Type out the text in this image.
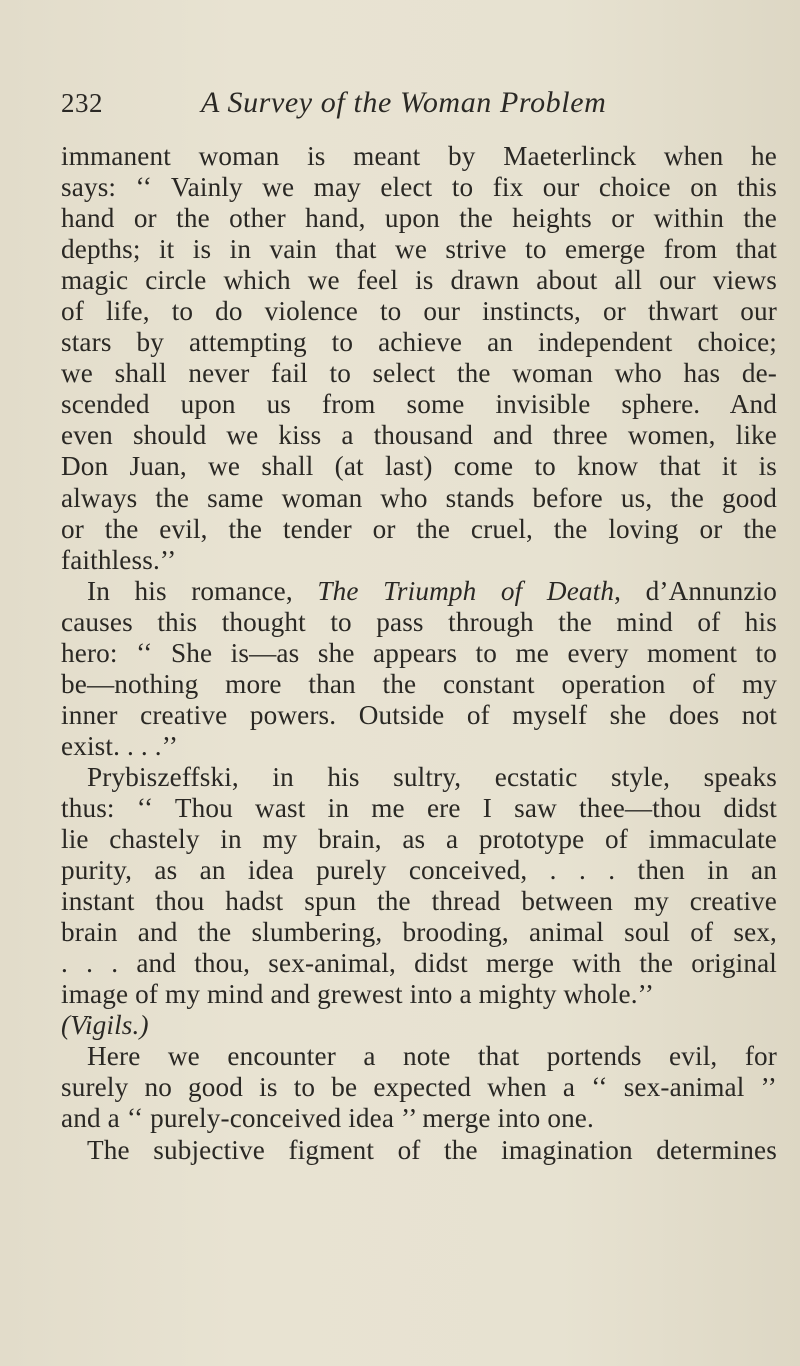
232	A Survey of the Woman Problem
immanent woman is meant by Maeterlinck when he
says: ‘‘ Vainly we may elect to fix our choice on this
hand or the other hand, upon the heights or within the
depths; it is in vain that we strive to emerge from that
magic circle which we feel is drawn about all our views
of life, to do violence to our instincts, or thwart our
stars by attempting to achieve an independent choice;
we shall never fail to select the woman who has de-
scended upon us from some invisible sphere. And
even should we kiss a thousand and three women, like
Don Juan, we shall (at last) come to know that it is
always the same woman who stands before us, the good
or the evil, the tender or the cruel, the loving or the
faithless.’’
In his romance, The Triumph of Death, d’Annunzio
causes this thought to pass through the mind of his
hero: ‘‘ She is—as she appears to me every moment to
be—nothing more than the constant operation of my
inner creative powers. Outside of myself she does not
exist. . . .’’
Prybiszeffski, in his sultry, ecstatic style, speaks
thus: ‘‘ Thou wast in me ere I saw thee—thou didst
lie chastely in my brain, as a prototype of immaculate
purity, as an idea purely conceived, . . . then in an
instant thou hadst spun the thread between my creative
brain and the slumbering, brooding, animal soul of sex,
. . . and thou, sex-animal, didst merge with the original
image of my mind and grewest into a mighty whole.’’
(Vigils.)
Here we encounter a note that portends evil, for
surely no good is to be expected when a ‘‘ sex-animal ’’
and a ‘‘ purely-conceived idea ’’ merge into one.
The subjective figment of the imagination determines
